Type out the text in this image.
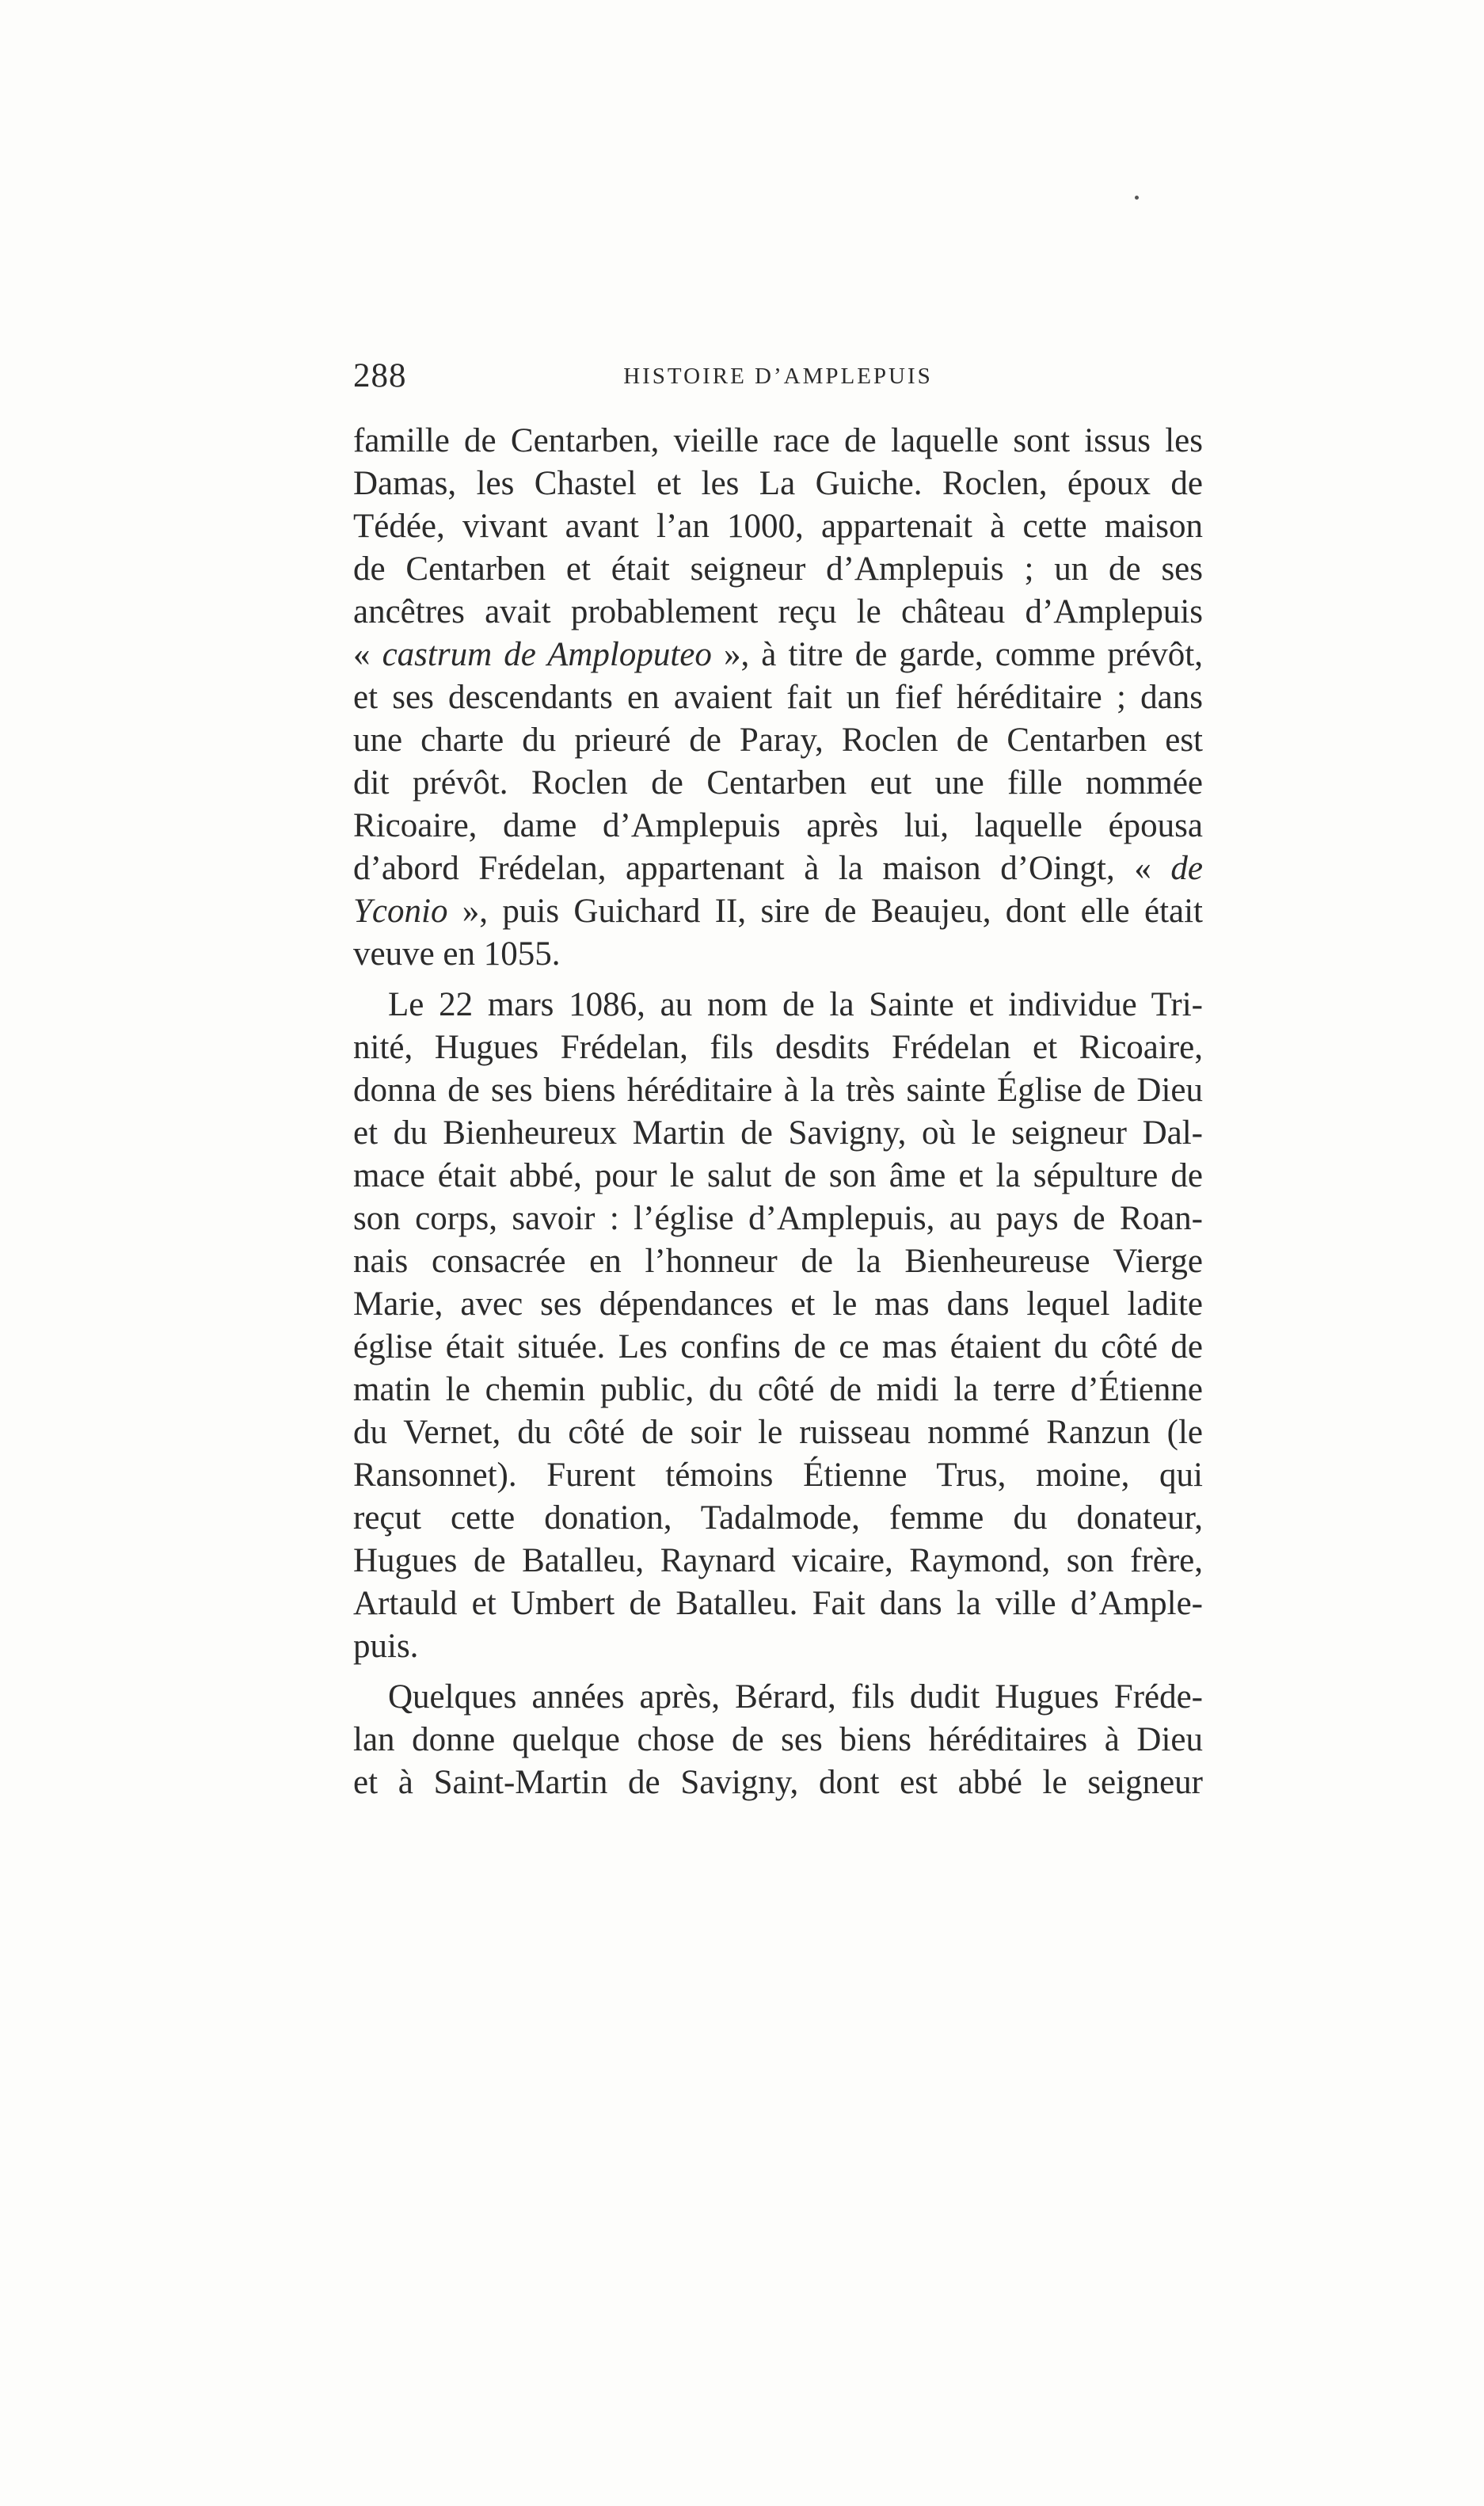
288	HISTOIRE D’AMPLEPUIS
famille de Centarben, vieille race de laquelle sont issus les
Damas, les Chastel et les La Guiche. Roclen, époux de
Tédée, vivant avant l’an 1000, appartenait à cette maison
de Centarben et était seigneur d’Amplepuis ; un de ses
ancêtres avait probablement reçu le château d’Amplepuis
« castrum de Amploputeo », à titre de garde, comme prévôt,
et ses descendants en avaient fait un fief héréditaire ; dans
une charte du prieuré de Paray, Roclen de Centarben est
dit prévôt. Roclen de Centarben eut une fille nommée
Ricoaire, dame d’Amplepuis après lui, laquelle épousa
d’abord Frédelan, appartenant à la maison d’Oingt, « de
Yconio », puis Guichard II, sire de Beaujeu, dont elle était
veuve en 1055.
Le 22 mars 1086, au nom de la Sainte et individue Tri-
nité, Hugues Frédelan, fils desdits Frédelan et Ricoaire,
donna de ses biens héréditaire à la très sainte Église de Dieu
et du Bienheureux Martin de Savigny, où le seigneur Dal-
mace était abbé, pour le salut de son âme et la sépulture de
son corps, savoir : l’église d’Amplepuis, au pays de Roan-
nais consacrée en l’honneur de la Bienheureuse Vierge
Marie, avec ses dépendances et le mas dans lequel ladite
église était située. Les confins de ce mas étaient du côté de
matin le chemin public, du côté de midi la terre d’Étienne
du Vernet, du côté de soir le ruisseau nommé Ranzun (le
Ransonnet). Furent témoins Étienne Trus, moine, qui
reçut cette donation, Tadalmode, femme du donateur,
Hugues de Batalleu, Raynard vicaire, Raymond, son frère,
Artauld et Umbert de Batalleu. Fait dans la ville d’Ample-
puis.
Quelques années après, Bérard, fils dudit Hugues Fréde-
lan donne quelque chose de ses biens héréditaires à Dieu
et à Saint-Martin de Savigny, dont est abbé le seigneur
